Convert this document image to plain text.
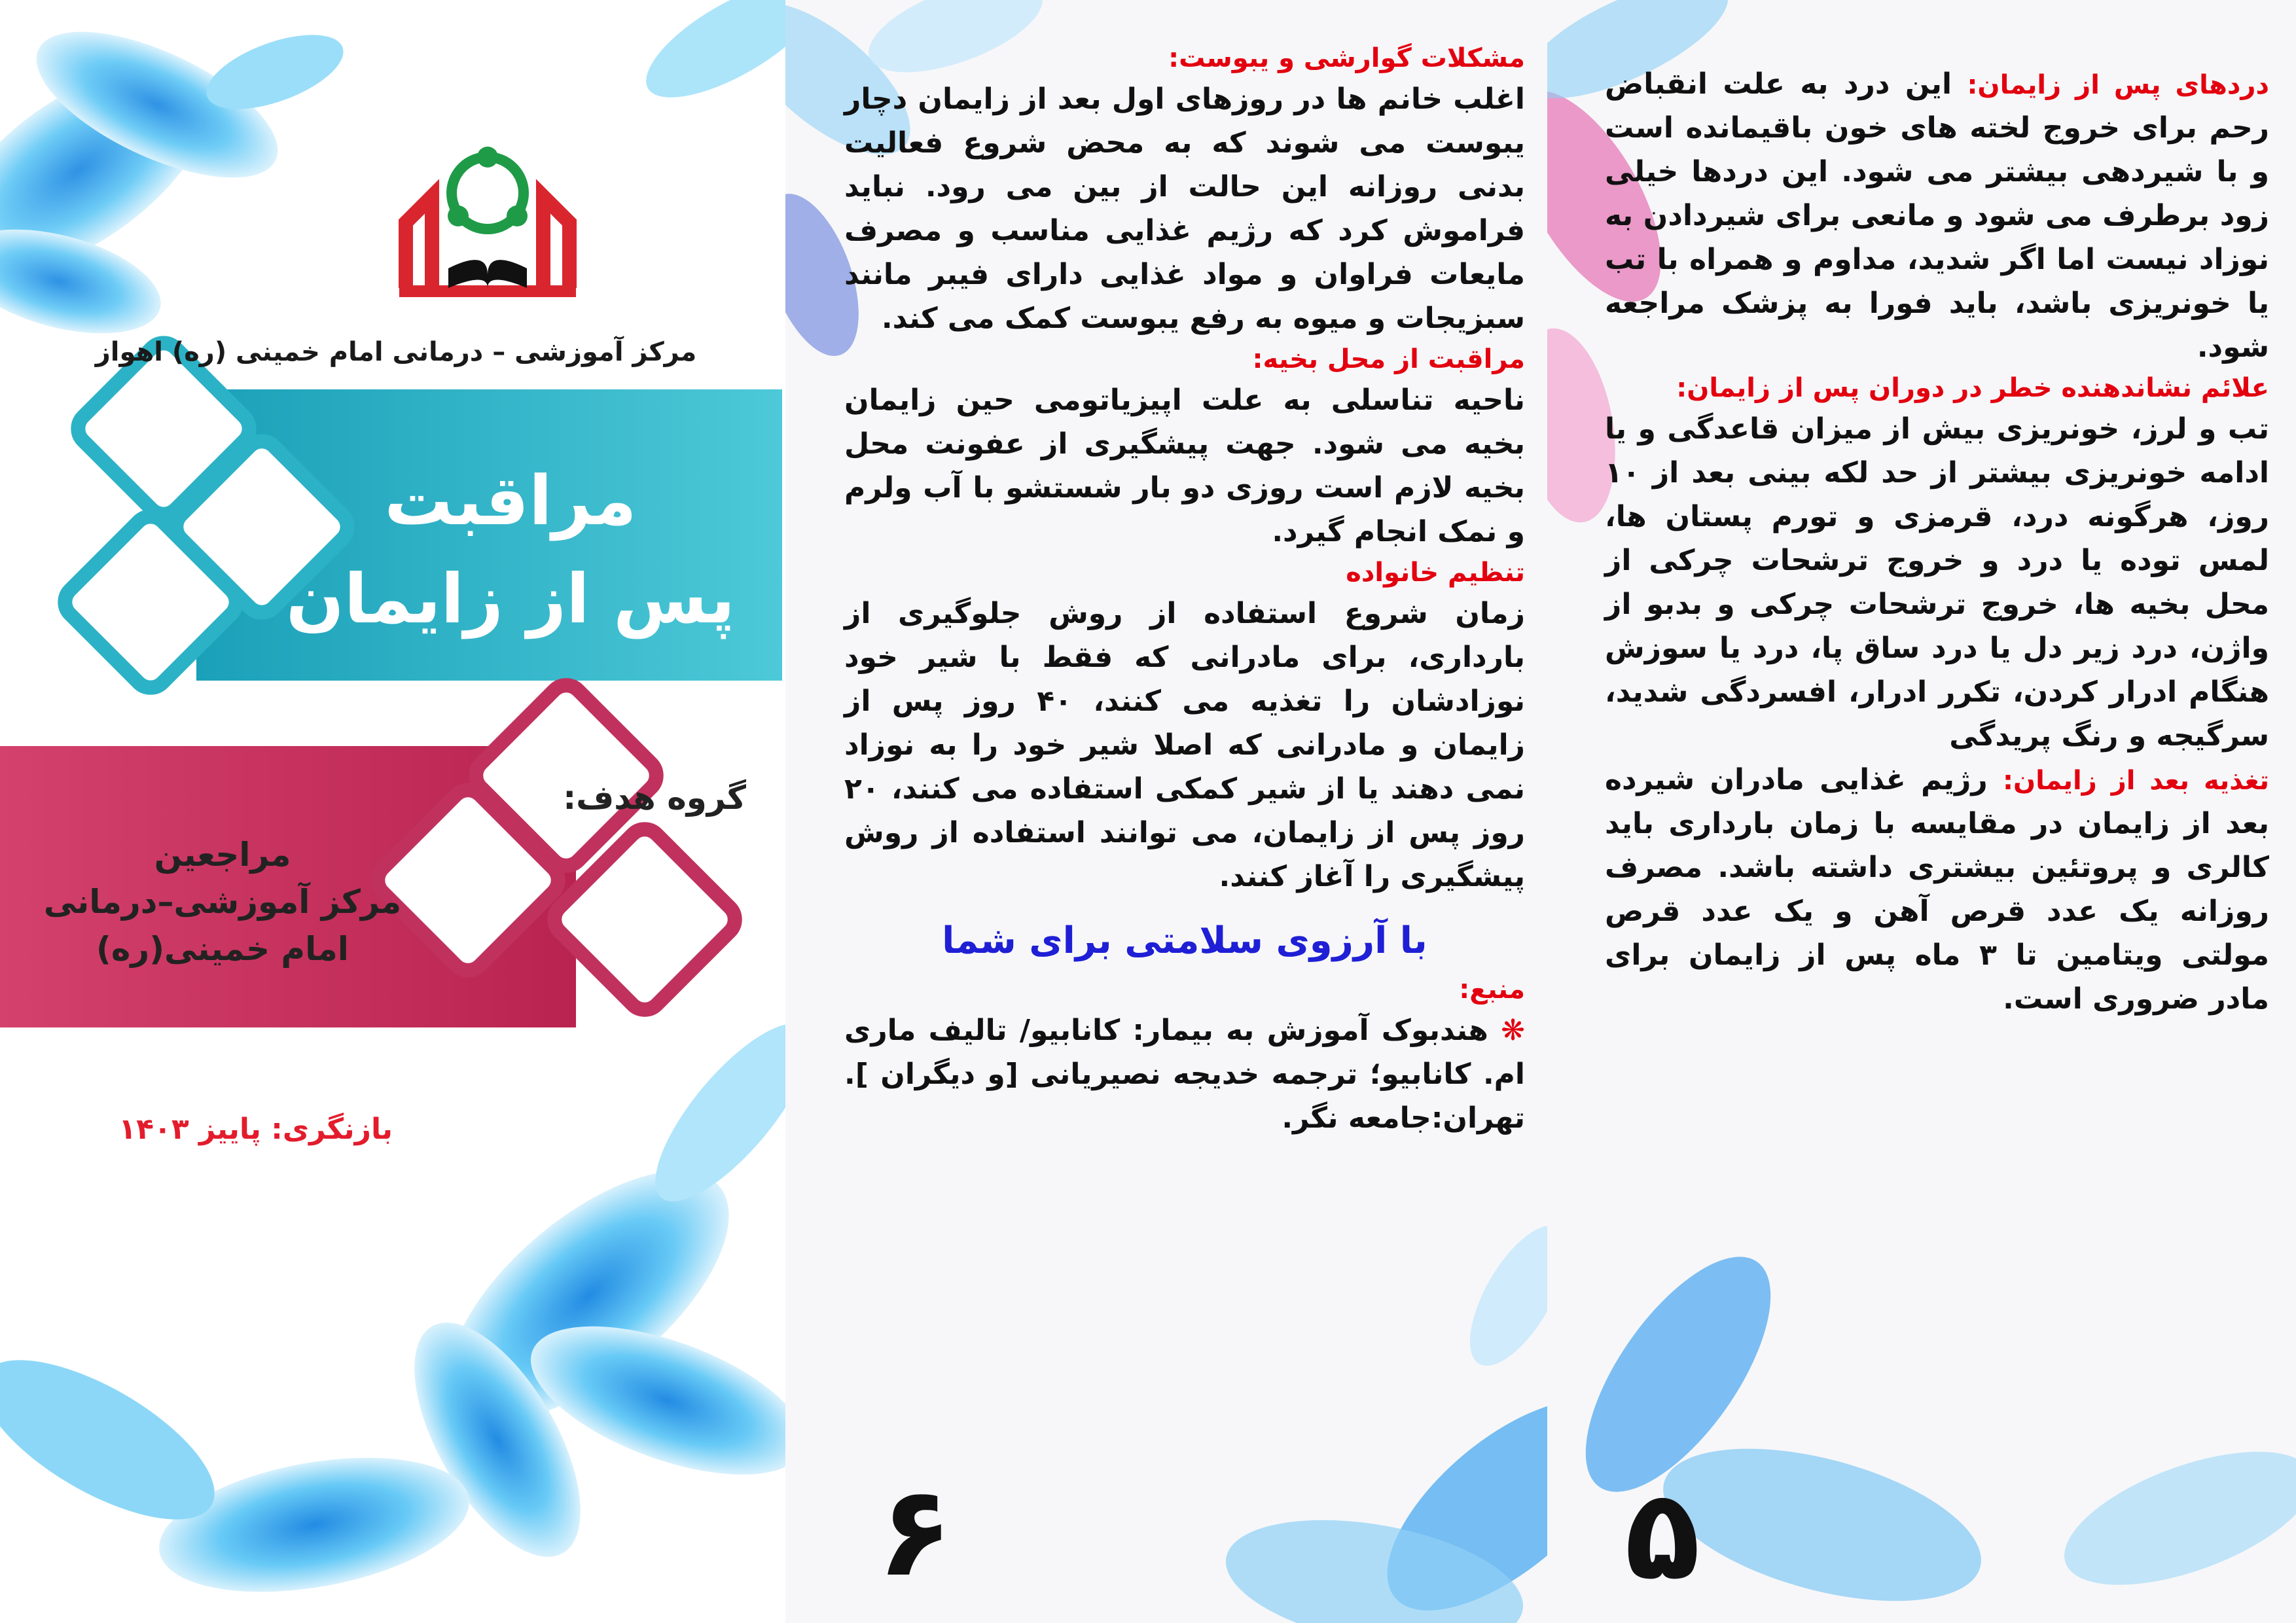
مرکز آموزشی – درمانی امام خمینی (ره) اهواز
مراقبت
پس از زایمان
گروه هدف:
مراجعین
مرکز آموزشی–درمانی
امام خمینی(ره)
بازنگری: پاییز ۱۴۰۳
مشکلات گوارشی و یبوست:

اغلب خانم ها در روزهای اول بعد از زایمان دچار یبوست می شوند که به محض شروع فعالیت بدنی روزانه این حالت از بین می رود. نباید فراموش کرد که رژیم غذایی مناسب و مصرف مایعات فراوان و مواد غذایی دارای فیبر مانند سبزیجات و میوه به رفع یبوست کمک می کند.

مراقبت از محل بخیه:

ناحیه تناسلی به علت اپیزیاتومی حین زایمان بخیه می شود. جهت پیشگیری از عفونت محل بخیه لازم است روزی دو بار شستشو با آب ولرم و نمک انجام گیرد.

تنظیم خانواده

زمان شروع استفاده از روش جلوگیری از بارداری، برای مادرانی که فقط با شیر خود نوزادشان را تغذیه می کنند، ۴۰ روز پس از زایمان و مادرانی که اصلا شیر خود را به نوزاد نمی دهند یا از شیر کمکی استفاده می کنند، ۲۰ روز پس از زایمان، می توانند استفاده از روش پیشگیری را آغاز کنند.

با آرزوی سلامتی برای شما
منبع:

❋ هندبوک آموزش به بیمار: کانابیو/ تالیف ماری ام. کانابیو؛ ترجمه خدیجه نصیریانی [و دیگران ]. تهران:جامعه نگر.

۶

دردهای پس از زایمان: این درد به علت انقباض رحم برای خروج لخته های خون باقیمانده است و با شیردهی بیشتر می شود. این دردها خیلی زود برطرف می شود و مانعی برای شیردادن به نوزاد نیست اما اگر شدید، مداوم و همراه با تب یا خونریزی باشد، باید فورا به پزشک مراجعه شود.

علائم نشاندهنده خطر در دوران پس از زایمان:

تب و لرز، خونریزی بیش از میزان قاعدگی و یا ادامه خونریزی بیشتر از حد لکه بینی بعد از ۱۰ روز، هرگونه درد، قرمزی و تورم پستان ها، لمس توده یا درد و خروج ترشحات چرکی از محل بخیه ها، خروج ترشحات چرکی و بدبو از واژن، درد زیر دل یا درد ساق پا، درد یا سوزش هنگام ادرار کردن، تکرر ادرار، افسردگی شدید، سرگیجه و رنگ پریدگی

تغذیه بعد از زایمان: رژیم غذایی مادران شیرده بعد از زایمان در مقایسه با زمان بارداری باید کالری و پروتئین بیشتری داشته باشد. مصرف روزانه یک عدد قرص آهن و یک عدد قرص مولتی ویتامین تا ۳ ماه پس از زایمان برای مادر ضروری است.

۵
